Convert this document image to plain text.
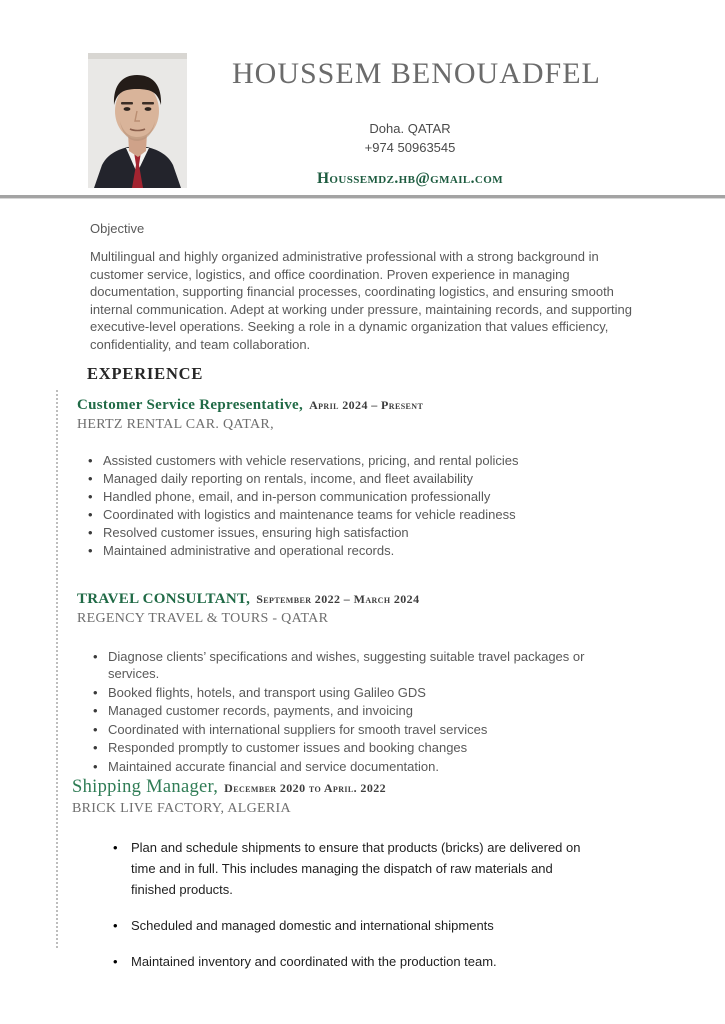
HOUSSEM BENOUADFEL
Doha. QATAR
+974 50963545
Houssemdz.hb@gmail.com
Objective
Multilingual and highly organized administrative professional with a strong background in customer service, logistics, and office coordination. Proven experience in managing documentation, supporting financial processes, coordinating logistics, and ensuring smooth internal communication. Adept at working under pressure, maintaining records, and supporting executive-level operations. Seeking a role in a dynamic organization that values efficiency, confidentiality, and team collaboration.
EXPERIENCE
Customer Service Representative, April 2024 – Present
HERTZ RENTAL CAR. QATAR,
• Assisted customers with vehicle reservations, pricing, and rental policies
• Managed daily reporting on rentals, income, and fleet availability
• Handled phone, email, and in-person communication professionally
• Coordinated with logistics and maintenance teams for vehicle readiness
• Resolved customer issues, ensuring high satisfaction
• Maintained administrative and operational records.
TRAVEL CONSULTANT, September 2022 – March 2024
REGENCY TRAVEL & TOURS - QATAR
• Diagnose clients’ specifications and wishes, suggesting suitable travel packages or services.
• Booked flights, hotels, and transport using Galileo GDS
• Managed customer records, payments, and invoicing
• Coordinated with international suppliers for smooth travel services
• Responded promptly to customer issues and booking changes
• Maintained accurate financial and service documentation.
Shipping Manager, December 2020 to April. 2022
BRICK LIVE FACTORY, ALGERIA
• Plan and schedule shipments to ensure that products (bricks) are delivered on time and in full. This includes managing the dispatch of raw materials and finished products.
• Scheduled and managed domestic and international shipments
• Maintained inventory and coordinated with the production team.
